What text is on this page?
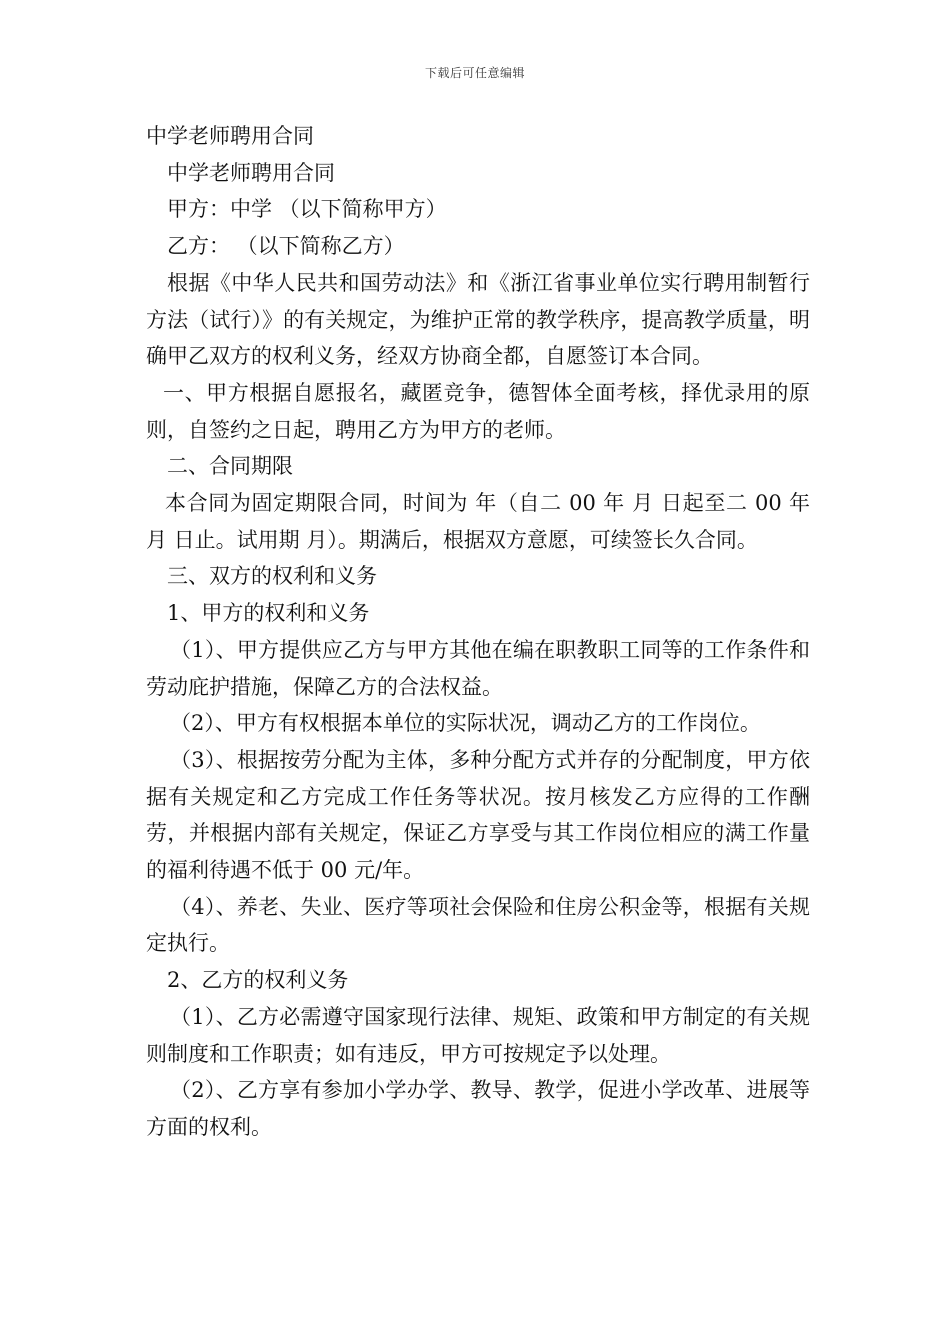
下载后可任意编辑
中学老师聘用合同
中学老师聘用合同
甲方：中学 （以下简称甲方）
乙方： （以下简称乙方）
根据《中华人民共和国劳动法》和《浙江省事业单位实行聘用制暂行方法（试行）》的有关规定，为维护正常的教学秩序，提高教学质量，明确甲乙双方的权利义务，经双方协商全都，自愿签订本合同。
一、甲方根据自愿报名，藏匿竞争，德智体全面考核，择优录用的原则，自签约之日起，聘用乙方为甲方的老师。
二、合同期限
本合同为固定期限合同，时间为 年（自二 00 年 月 日起至二 00 年 月 日止。试用期 月）。期满后，根据双方意愿，可续签长久合同。
三、双方的权利和义务
1、甲方的权利和义务
（1）、甲方提供应乙方与甲方其他在编在职教职工同等的工作条件和劳动庇护措施，保障乙方的合法权益。
（2）、甲方有权根据本单位的实际状况，调动乙方的工作岗位。
（3）、根据按劳分配为主体，多种分配方式并存的分配制度，甲方依据有关规定和乙方完成工作任务等状况。按月核发乙方应得的工作酬劳，并根据内部有关规定，保证乙方享受与其工作岗位相应的满工作量的福利待遇不低于 00 元/年。
（4）、养老、失业、医疗等项社会保险和住房公积金等，根据有关规定执行。
2、乙方的权利义务
（1）、乙方必需遵守国家现行法律、规矩、政策和甲方制定的有关规则制度和工作职责；如有违反，甲方可按规定予以处理。
（2）、乙方享有参加小学办学、教导、教学，促进小学改革、进展等方面的权利。
